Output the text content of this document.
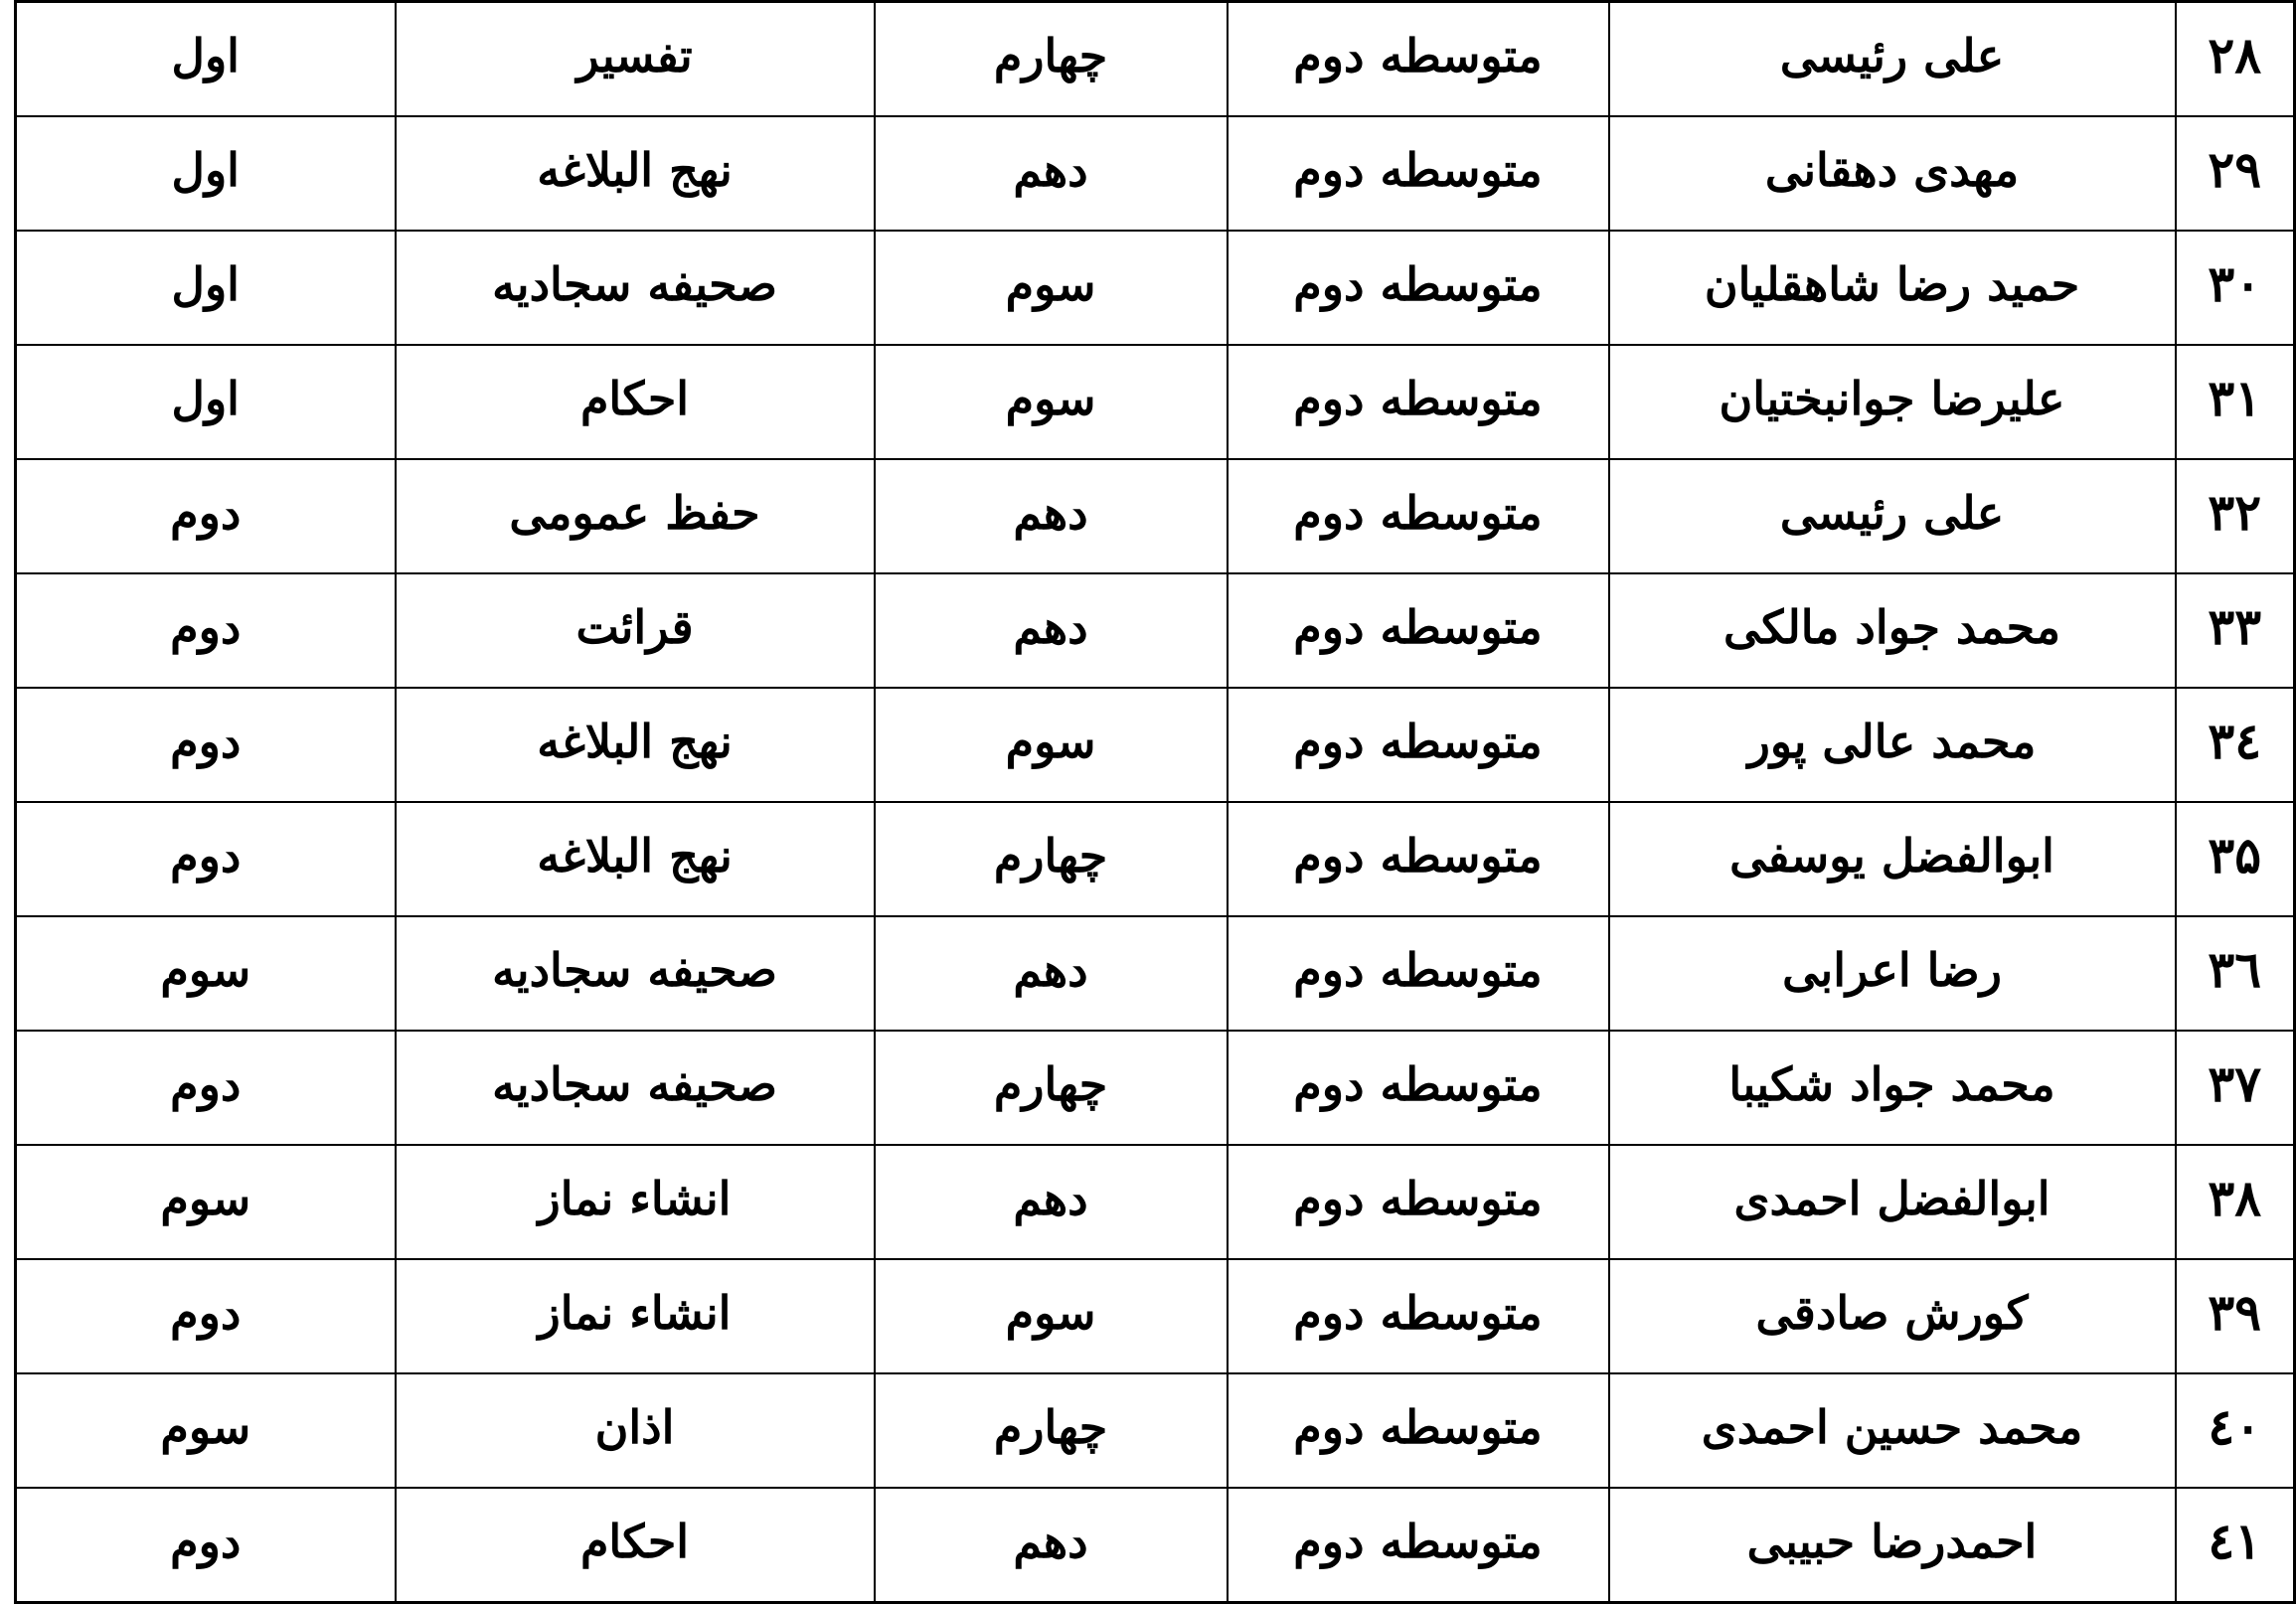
۲۸	علی رئیسی	متوسطه دوم	چهارم	تفسیر	اول
۲۹	مهدی دهقانی	متوسطه دوم	دهم	نهج البلاغه	اول
۳۰	حمید رضا شاهقلیان	متوسطه دوم	سوم	صحیفه سجادیه	اول
۳۱	علیرضا جوانبختیان	متوسطه دوم	سوم	احکام	اول
۳۲	علی رئیسی	متوسطه دوم	دهم	حفظ عمومی	دوم
۳۳	محمد جواد مالکی	متوسطه دوم	دهم	قرائت	دوم
۳٤	محمد عالی پور	متوسطه دوم	سوم	نهج البلاغه	دوم
۳۵	ابوالفضل یوسفی	متوسطه دوم	چهارم	نهج البلاغه	دوم
۳٦	رضا اعرابی	متوسطه دوم	دهم	صحیفه سجادیه	سوم
۳۷	محمد جواد شکیبا	متوسطه دوم	چهارم	صحیفه سجادیه	دوم
۳۸	ابوالفضل احمدی	متوسطه دوم	دهم	انشاء نماز	سوم
۳۹	کورش صادقی	متوسطه دوم	سوم	انشاء نماز	دوم
٤۰	محمد حسین احمدی	متوسطه دوم	چهارم	اذان	سوم
٤۱	احمدرضا حبیبی	متوسطه دوم	دهم	احکام	دوم
